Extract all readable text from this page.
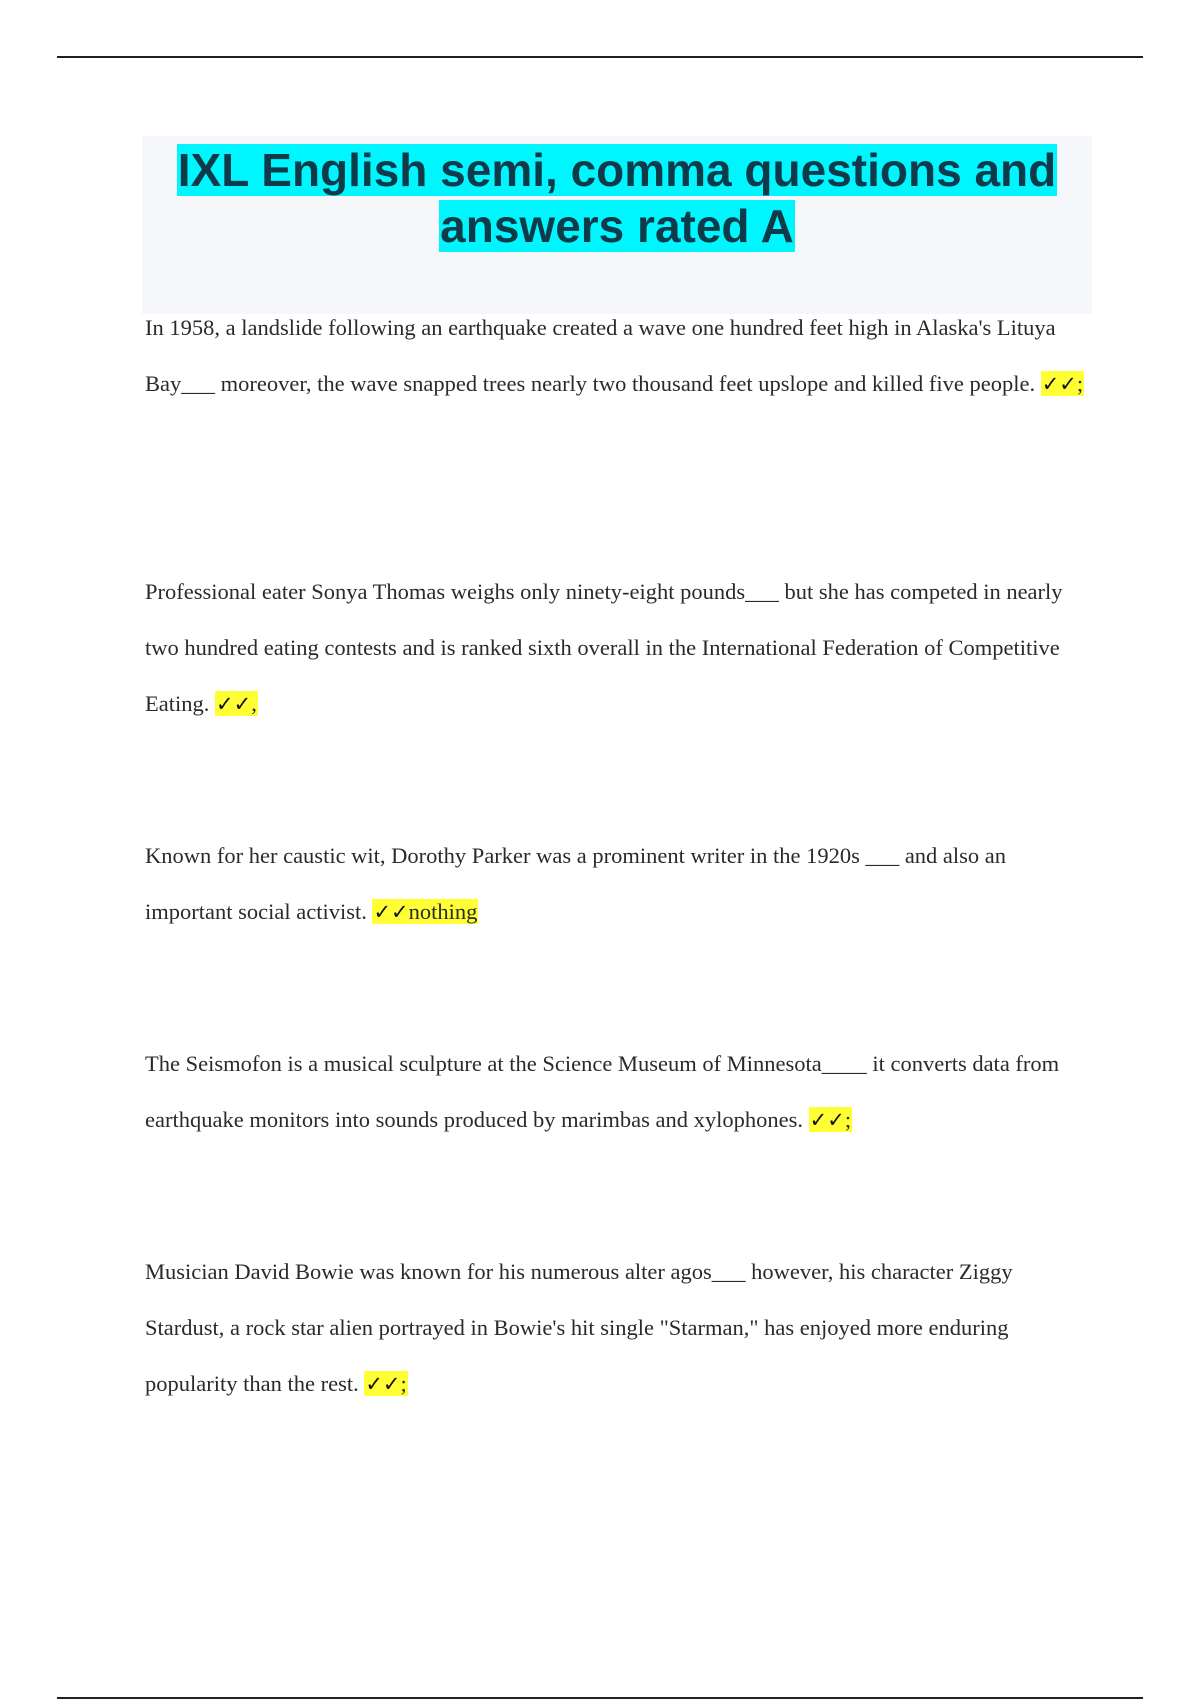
IXL English semi, comma questions and
answers rated A

In 1958, a landslide following an earthquake created a wave one hundred feet high in Alaska's Lituya Bay___ moreover, the wave snapped trees nearly two thousand feet upslope and killed five people. ✓✓;

Professional eater Sonya Thomas weighs only ninety-eight pounds___ but she has competed in nearly two hundred eating contests and is ranked sixth overall in the International Federation of Competitive Eating. ✓✓,

Known for her caustic wit, Dorothy Parker was a prominent writer in the 1920s ___ and also an important social activist. ✓✓nothing

The Seismofon is a musical sculpture at the Science Museum of Minnesota____ it converts data from earthquake monitors into sounds produced by marimbas and xylophones. ✓✓;

Musician David Bowie was known for his numerous alter agos___ however, his character Ziggy Stardust, a rock star alien portrayed in Bowie's hit single "Starman," has enjoyed more enduring popularity than the rest. ✓✓;
